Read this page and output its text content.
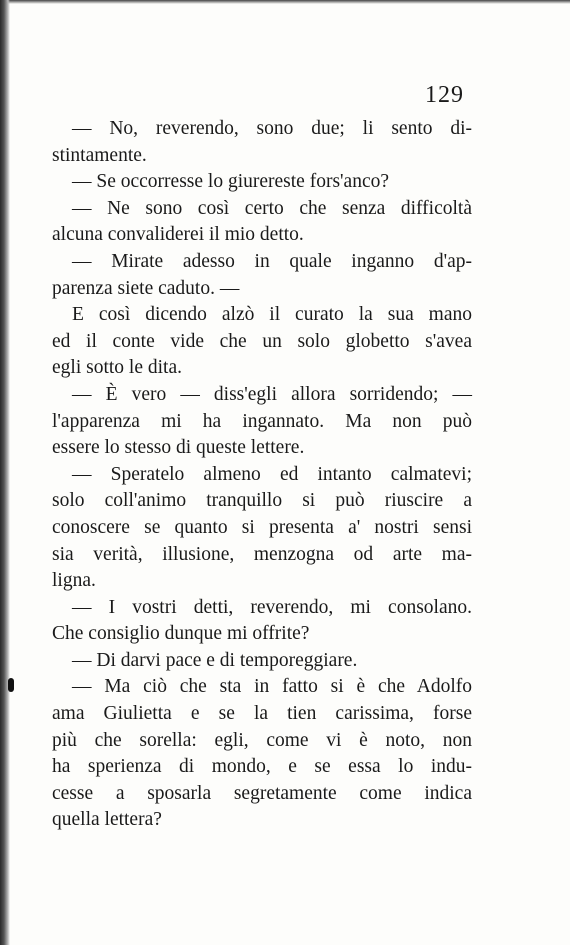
129
— No, reverendo, sono due; li sento di-
stintamente.
— Se occorresse lo giurereste fors'anco?
— Ne sono così certo che senza difficoltà
alcuna convaliderei il mio detto.
— Mirate adesso in quale inganno d'ap-
parenza siete caduto. —
E così dicendo alzò il curato la sua mano
ed il conte vide che un solo globetto s'avea
egli sotto le dita.
— È vero — diss'egli allora sorridendo; —
l'apparenza mi ha ingannato. Ma non può
essere lo stesso di queste lettere.
— Speratelo almeno ed intanto calmatevi;
solo coll'animo tranquillo si può riuscire a
conoscere se quanto si presenta a' nostri sensi
sia verità, illusione, menzogna od arte ma-
ligna.
— I vostri detti, reverendo, mi consolano.
Che consiglio dunque mi offrite?
— Di darvi pace e di temporeggiare.
— Ma ciò che sta in fatto si è che Adolfo
ama Giulietta e se la tien carissima, forse
più che sorella: egli, come vi è noto, non
ha sperienza di mondo, e se essa lo indu-
cesse a sposarla segretamente come indica
quella lettera?
